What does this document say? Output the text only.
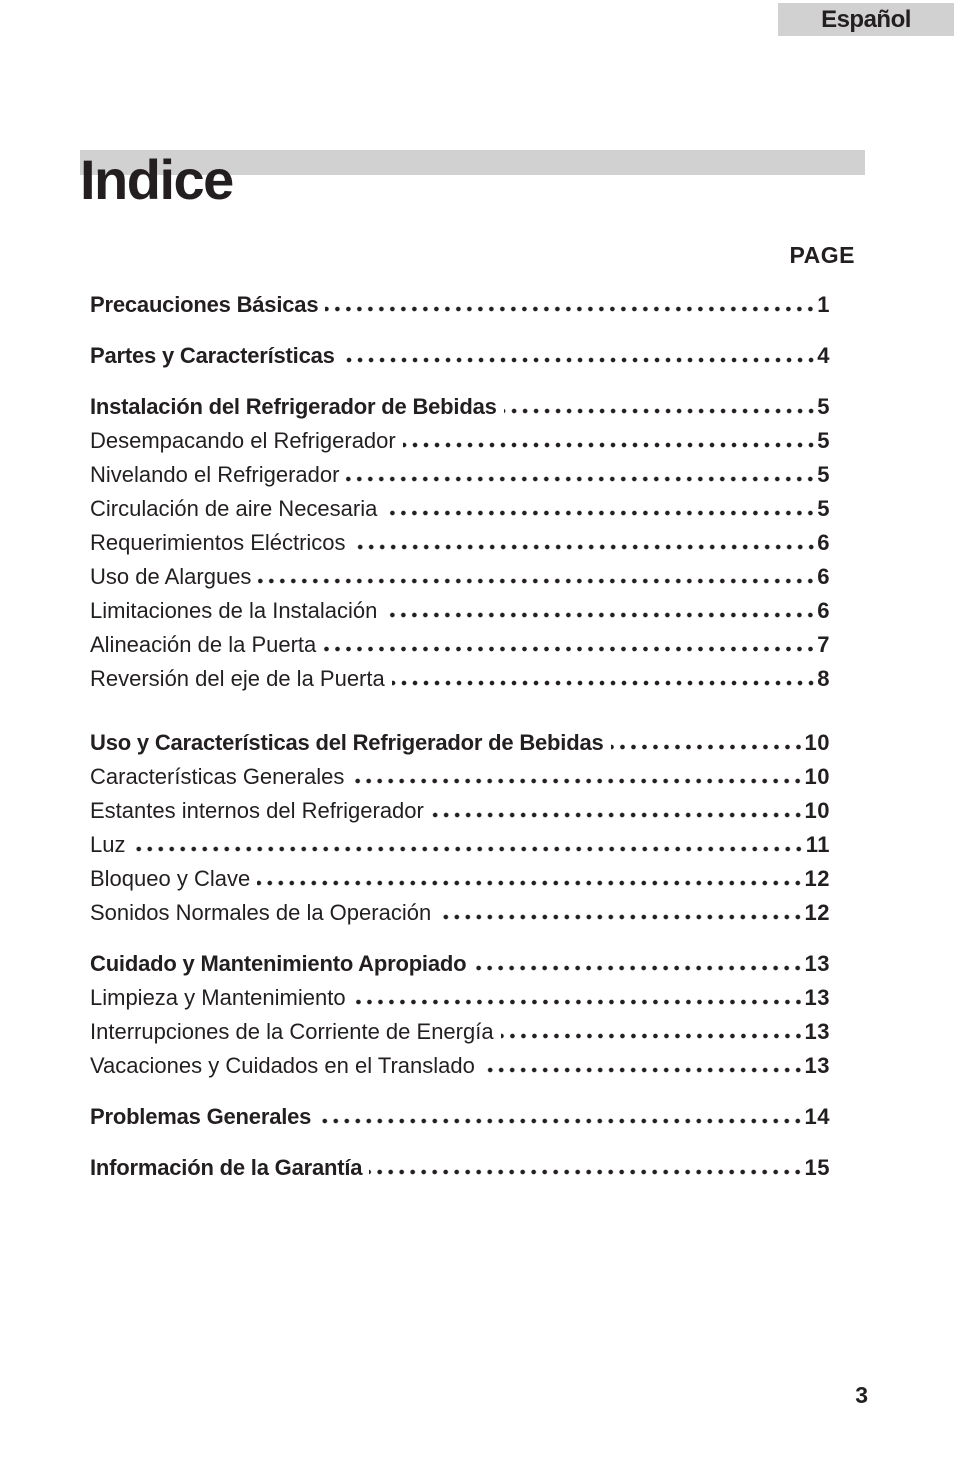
Español
Indice
PAGE
Precauciones Básicas	1
Partes y Características	4
Instalación del Refrigerador de Bebidas	5
Desempacando el Refrigerador	5
Nivelando el Refrigerador	5
Circulación de aire Necesaria	5
Requerimientos Eléctricos	6
Uso de Alargues	6
Limitaciones de la Instalación	6
Alineación de la Puerta	7
Reversión del eje de la Puerta	8
Uso y Características del Refrigerador de Bebidas	10
Características Generales	10
Estantes internos del Refrigerador	10
Luz	11
Bloqueo y Clave	12
Sonidos Normales de la Operación	12
Cuidado y Mantenimiento Apropiado	13
Limpieza y Mantenimiento	13
Interrupciones de la Corriente de Energía	13
Vacaciones y Cuidados en el Translado	13
Problemas Generales	14
Información de la Garantía	15
3
